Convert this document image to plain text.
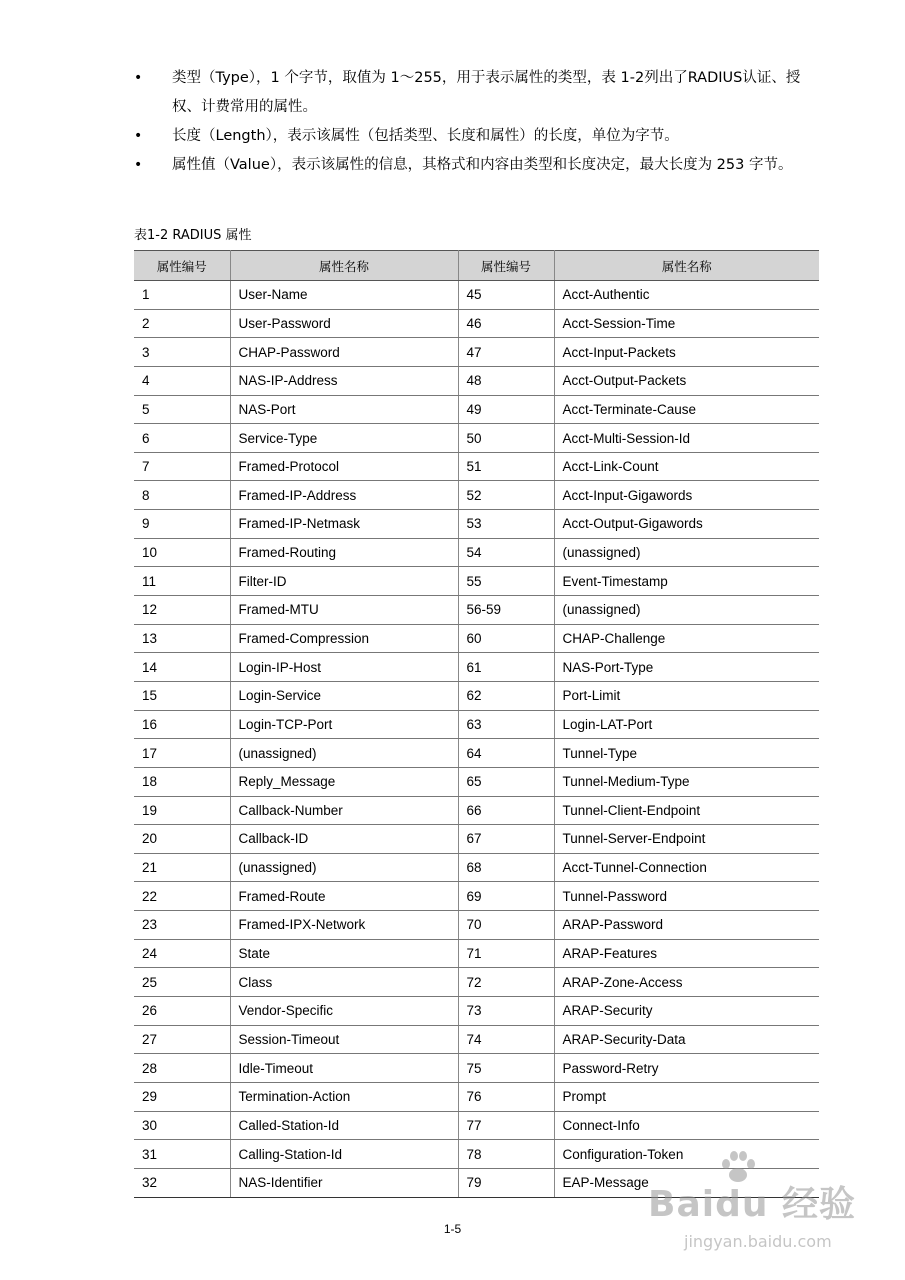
• 类型（Type），1 个字节，取值为 1～255，用于表示属性的类型，表 1-2列出了RADIUS认证、授权、计费常用的属性。
• 长度（Length），表示该属性（包括类型、长度和属性）的长度，单位为字节。
• 属性值（Value），表示该属性的信息，其格式和内容由类型和长度决定，最大长度为 253 字节。
表1-2 RADIUS 属性
属性编号	属性名称	属性编号	属性名称
1	User-Name	45	Acct-Authentic
2	User-Password	46	Acct-Session-Time
3	CHAP-Password	47	Acct-Input-Packets
4	NAS-IP-Address	48	Acct-Output-Packets
5	NAS-Port	49	Acct-Terminate-Cause
6	Service-Type	50	Acct-Multi-Session-Id
7	Framed-Protocol	51	Acct-Link-Count
8	Framed-IP-Address	52	Acct-Input-Gigawords
9	Framed-IP-Netmask	53	Acct-Output-Gigawords
10	Framed-Routing	54	(unassigned)
11	Filter-ID	55	Event-Timestamp
12	Framed-MTU	56-59	(unassigned)
13	Framed-Compression	60	CHAP-Challenge
14	Login-IP-Host	61	NAS-Port-Type
15	Login-Service	62	Port-Limit
16	Login-TCP-Port	63	Login-LAT-Port
17	(unassigned)	64	Tunnel-Type
18	Reply_Message	65	Tunnel-Medium-Type
19	Callback-Number	66	Tunnel-Client-Endpoint
20	Callback-ID	67	Tunnel-Server-Endpoint
21	(unassigned)	68	Acct-Tunnel-Connection
22	Framed-Route	69	Tunnel-Password
23	Framed-IPX-Network	70	ARAP-Password
24	State	71	ARAP-Features
25	Class	72	ARAP-Zone-Access
26	Vendor-Specific	73	ARAP-Security
27	Session-Timeout	74	ARAP-Security-Data
28	Idle-Timeout	75	Password-Retry
29	Termination-Action	76	Prompt
30	Called-Station-Id	77	Connect-Info
31	Calling-Station-Id	78	Configuration-Token
32	NAS-Identifier	79	EAP-Message
1-5
Baidu 经验
jingyan.baidu.com
